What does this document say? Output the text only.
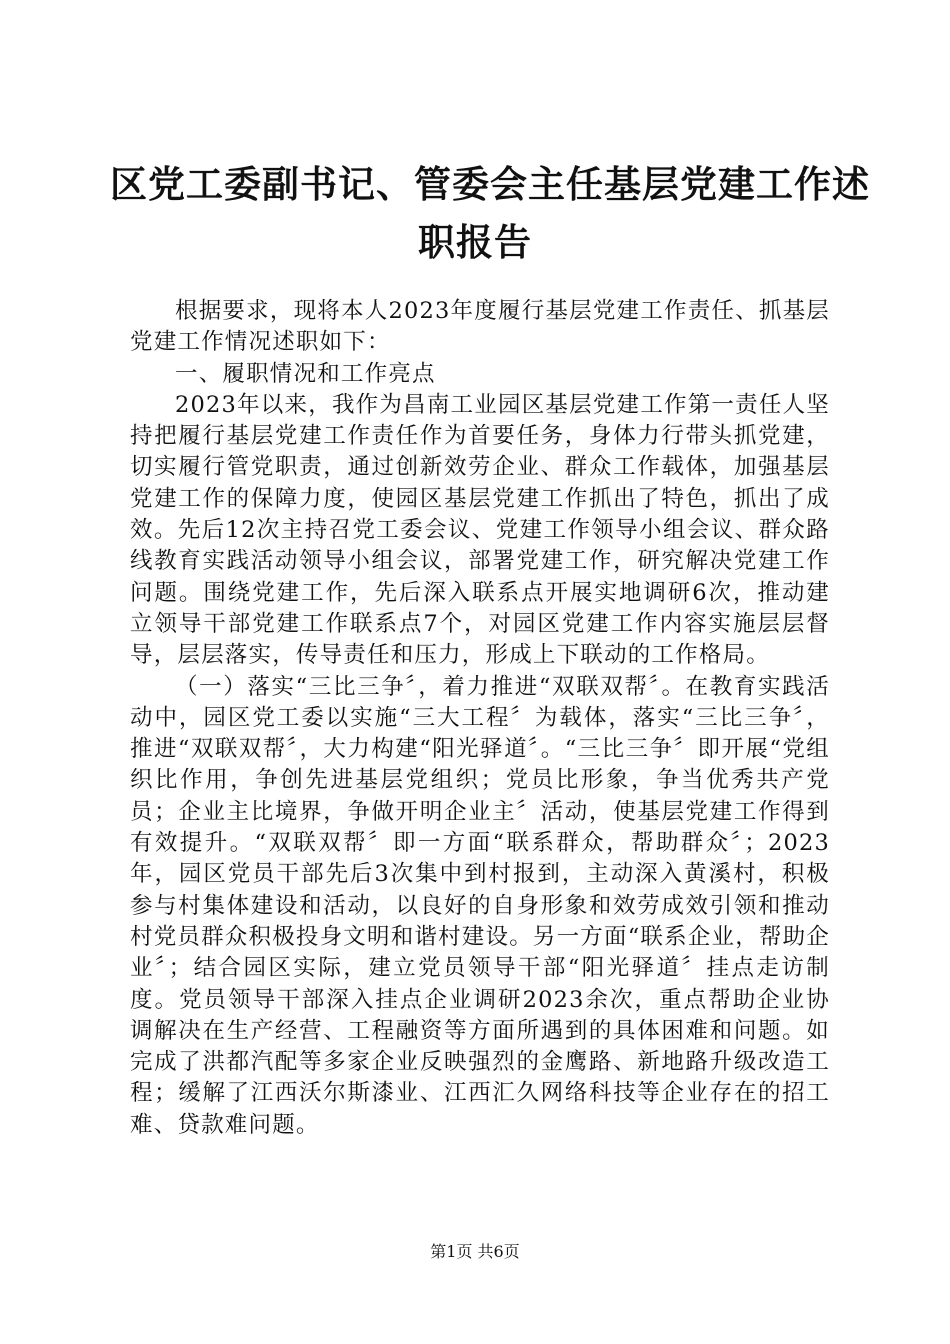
区党工委副书记、管委会主任基层党建工作述
职报告

根据要求，现将本人2023年度履行基层党建工作责任、抓基层党建工作情况述职如下：

一、履职情况和工作亮点

2023年以来，我作为昌南工业园区基层党建工作第一责任人坚持把履行基层党建工作责任作为首要任务，身体力行带头抓党建，切实履行管党职责，通过创新效劳企业、群众工作载体，加强基层党建工作的保障力度，使园区基层党建工作抓出了特色，抓出了成效。先后12次主持召党工委会议、党建工作领导小组会议、群众路线教育实践活动领导小组会议，部署党建工作，研究解决党建工作问题。围绕党建工作，先后深入联系点开展实地调研6次，推动建立领导干部党建工作联系点7个，对园区党建工作内容实施层层督导，层层落实，传导责任和压力，形成上下联动的工作格局。

（一）落实“三比三争〞，着力推进“双联双帮〞。在教育实践活动中，园区党工委以实施“三大工程〞为载体，落实“三比三争〞，推进“双联双帮〞，大力构建“阳光驿道〞。“三比三争〞即开展“党组织比作用，争创先进基层党组织；党员比形象，争当优秀共产党员；企业主比境界，争做开明企业主〞活动，使基层党建工作得到有效提升。“双联双帮〞即一方面“联系群众，帮助群众〞；2023年，园区党员干部先后3次集中到村报到，主动深入黄溪村，积极参与村集体建设和活动，以良好的自身形象和效劳成效引领和推动村党员群众积极投身文明和谐村建设。另一方面“联系企业，帮助企业〞；结合园区实际，建立党员领导干部“阳光驿道〞挂点走访制度。党员领导干部深入挂点企业调研2023余次，重点帮助企业协调解决在生产经营、工程融资等方面所遇到的具体困难和问题。如完成了洪都汽配等多家企业反映强烈的金鹰路、新地路升级改造工程；缓解了江西沃尔斯漆业、江西汇久网络科技等企业存在的招工难、贷款难问题。

第1页 共6页
